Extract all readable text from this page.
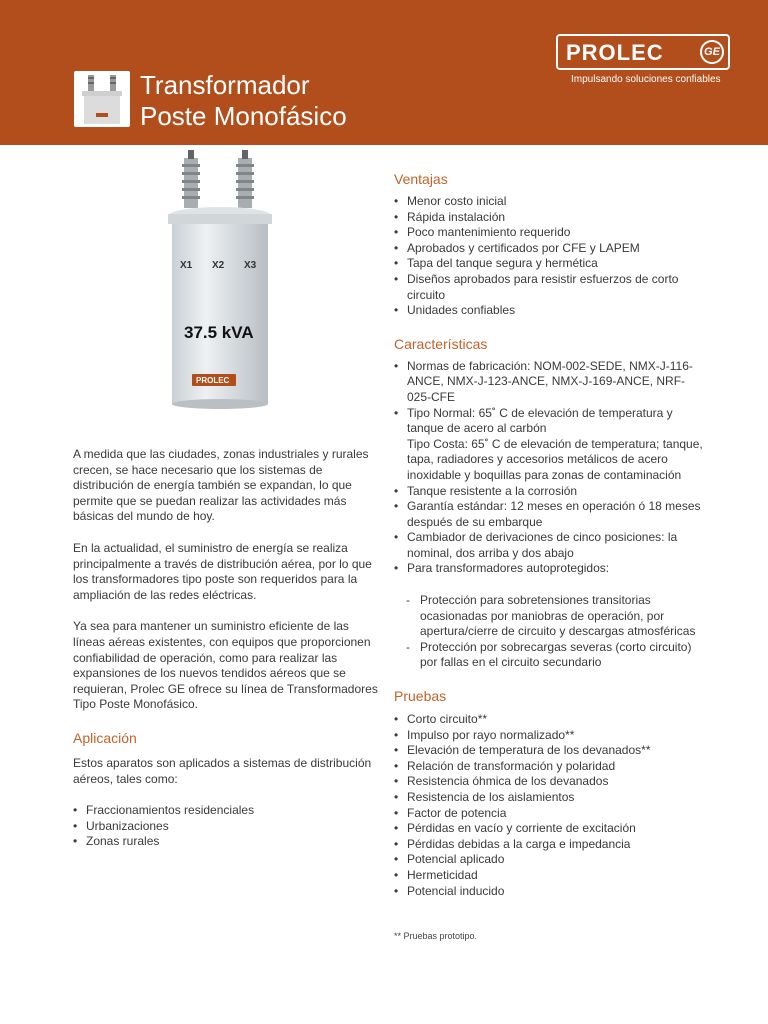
Transformador
Poste Monofásico
PROLEC	GE
Impulsando soluciones confiables
X1 X2 X3
37.5 kVA
PROLEC

A medida que las ciudades, zonas industriales y rurales crecen, se hace necesario que los sistemas de distribución de energía también se expandan, lo que permite que se puedan realizar las actividades más básicas del mundo de hoy.

En la actualidad, el suministro de energía se realiza principalmente a través de distribución aérea, por lo que los transformadores tipo poste son requeridos para la ampliación de las redes eléctricas.

Ya sea para mantener un suministro eficiente de las líneas aéreas existentes, con equipos que proporcionen confiabilidad de operación, como para realizar las expansiones de los nuevos tendidos aéreos que se requieran, Prolec GE ofrece su línea de Transformadores Tipo Poste Monofásico.

Aplicación

Estos aparatos son aplicados a sistemas de distribución aéreos, tales como:

• Fraccionamientos residenciales
• Urbanizaciones
• Zonas rurales
Ventajas
• Menor costo inicial
• Rápida instalación
• Poco mantenimiento requerido
• Aprobados y certificados por CFE y LAPEM
• Tapa del tanque segura y hermética
• Diseños aprobados para resistir esfuerzos de corto circuito
• Unidades confiables
Características
• Normas de fabricación: NOM-002-SEDE, NMX-J-116-ANCE, NMX-J-123-ANCE, NMX-J-169-ANCE, NRF-025-CFE
• Tipo Normal: 65˚ C de elevación de temperatura y tanque de acero al carbón
Tipo Costa: 65˚ C de elevación de temperatura; tanque, tapa, radiadores y accesorios metálicos de acero inoxidable y boquillas para zonas de contaminación
• Tanque resistente a la corrosión
• Garantía estándar: 12 meses en operación ó 18 meses después de su embarque
• Cambiador de derivaciones de cinco posiciones: la nominal, dos arriba y dos abajo
• Para transformadores autoprotegidos:
- Protección para sobretensiones transitorias ocasionadas por maniobras de operación, por apertura/cierre de circuito y descargas atmosféricas
- Protección por sobrecargas severas (corto circuito) por fallas en el circuito secundario
Pruebas
• Corto circuito**
• Impulso por rayo normalizado**
• Elevación de temperatura de los devanados**
• Relación de transformación y polaridad
• Resistencia óhmica de los devanados
• Resistencia de los aislamientos
• Factor de potencia
• Pérdidas en vacío y corriente de excitación
• Pérdidas debidas a la carga e impedancia
• Potencial aplicado
• Hermeticidad
• Potencial inducido
** Pruebas prototipo.
